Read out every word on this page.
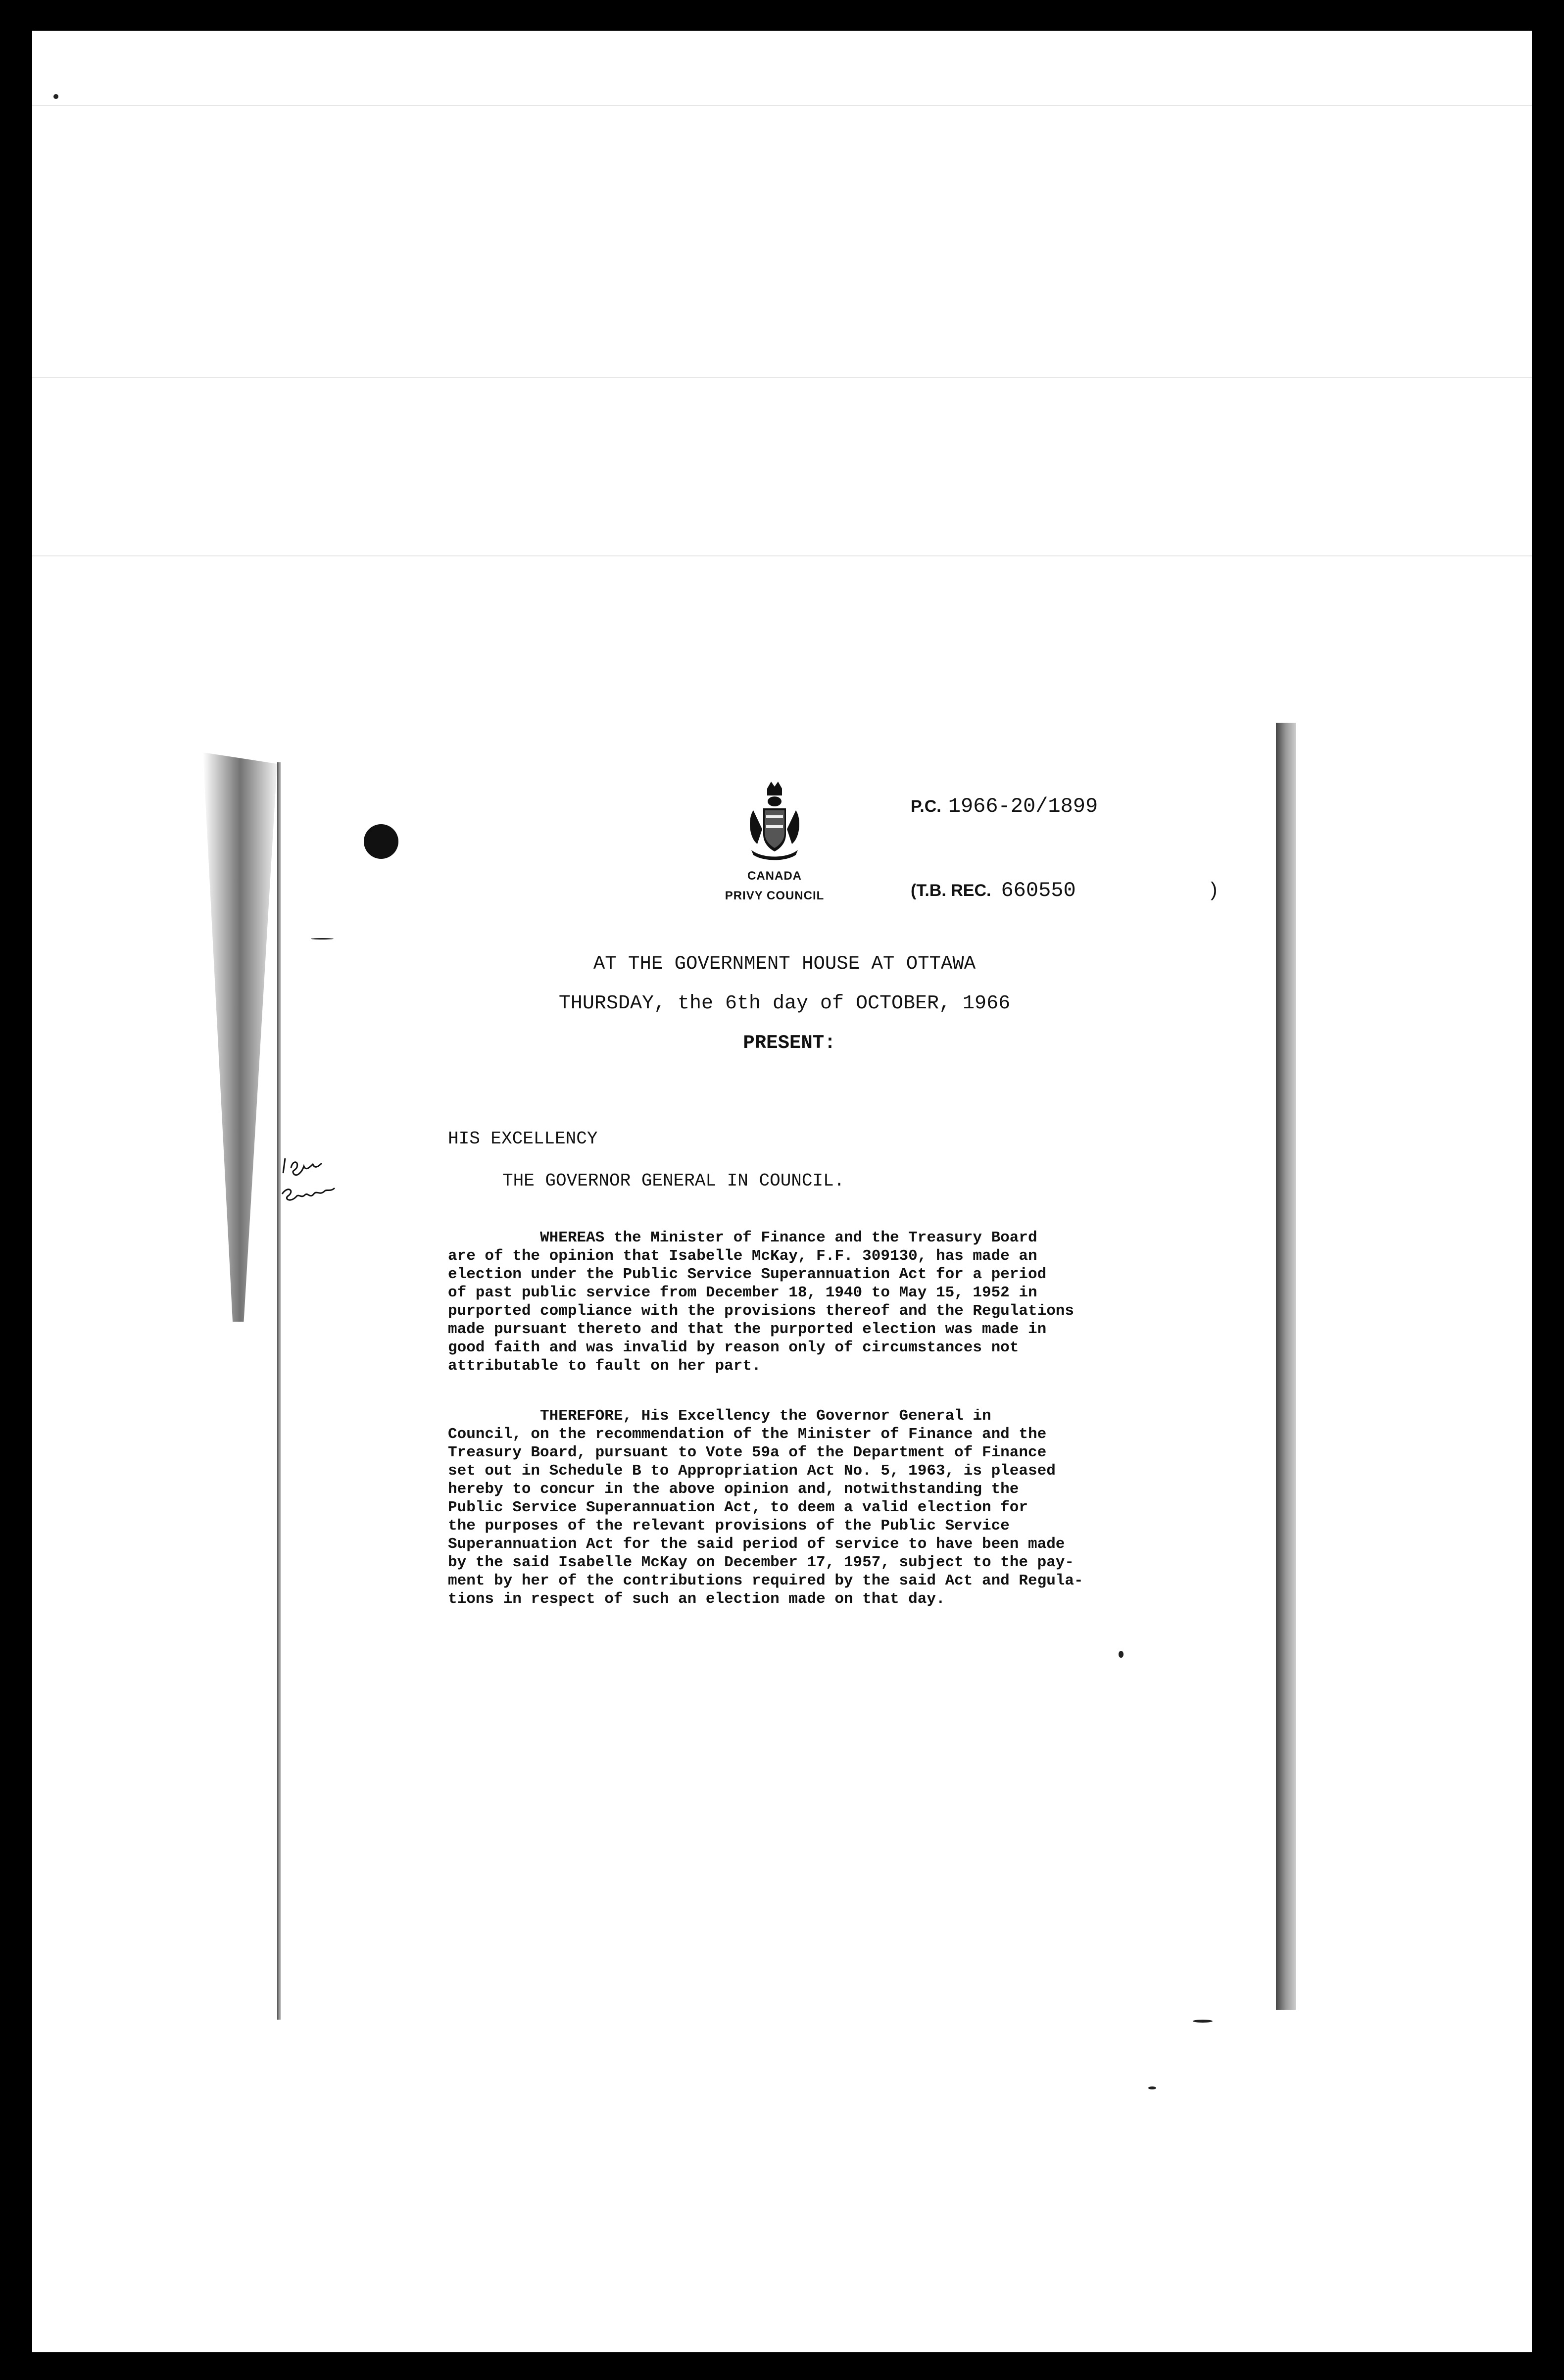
CANADA
PRIVY COUNCIL
P.C. 1966-20/1899
(T.B. REC. 660550	)
AT THE GOVERNMENT HOUSE AT OTTAWA
THURSDAY, the 6th day of OCTOBER, 1966
PRESENT:
HIS EXCELLENCY
THE GOVERNOR GENERAL IN COUNCIL.
WHEREAS the Minister of Finance and the Treasury Board
are of the opinion that Isabelle McKay, F.F. 309130, has made an
election under the Public Service Superannuation Act for a period
of past public service from December 18, 1940 to May 15, 1952 in
purported compliance with the provisions thereof and the Regulations
made pursuant thereto and that the purported election was made in
good faith and was invalid by reason only of circumstances not
attributable to fault on her part.
THEREFORE, His Excellency the Governor General in
Council, on the recommendation of the Minister of Finance and the
Treasury Board, pursuant to Vote 59a of the Department of Finance
set out in Schedule B to Appropriation Act No. 5, 1963, is pleased
hereby to concur in the above opinion and, notwithstanding the
Public Service Superannuation Act, to deem a valid election for
the purposes of the relevant provisions of the Public Service
Superannuation Act for the said period of service to have been made
by the said Isabelle McKay on December 17, 1957, subject to the pay-
ment by her of the contributions required by the said Act and Regula-
tions in respect of such an election made on that day.
